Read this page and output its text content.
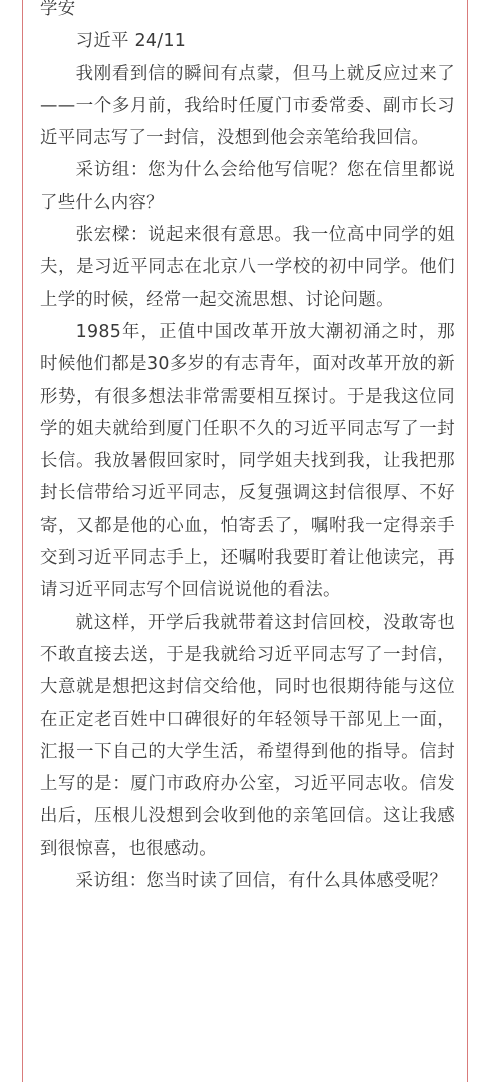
学安

习近平 24/11

我刚看到信的瞬间有点蒙，但马上就反应过来了——一个多月前，我给时任厦门市委常委、副市长习近平同志写了一封信，没想到他会亲笔给我回信。

采访组：您为什么会给他写信呢？您在信里都说了些什么内容？

张宏樑：说起来很有意思。我一位高中同学的姐夫，是习近平同志在北京八一学校的初中同学。他们上学的时候，经常一起交流思想、讨论问题。

1985年，正值中国改革开放大潮初涌之时，那时候他们都是30多岁的有志青年，面对改革开放的新形势，有很多想法非常需要相互探讨。于是我这位同学的姐夫就给到厦门任职不久的习近平同志写了一封长信。我放暑假回家时，同学姐夫找到我，让我把那封长信带给习近平同志，反复强调这封信很厚、不好寄，又都是他的心血，怕寄丢了，嘱咐我一定得亲手交到习近平同志手上，还嘱咐我要盯着让他读完，再请习近平同志写个回信说说他的看法。

就这样，开学后我就带着这封信回校，没敢寄也不敢直接去送，于是我就给习近平同志写了一封信，大意就是想把这封信交给他，同时也很期待能与这位在正定老百姓中口碑很好的年轻领导干部见上一面，汇报一下自己的大学生活，希望得到他的指导。信封上写的是：厦门市政府办公室，习近平同志收。信发出后，压根儿没想到会收到他的亲笔回信。这让我感到很惊喜，也很感动。

采访组：您当时读了回信，有什么具体感受呢？
